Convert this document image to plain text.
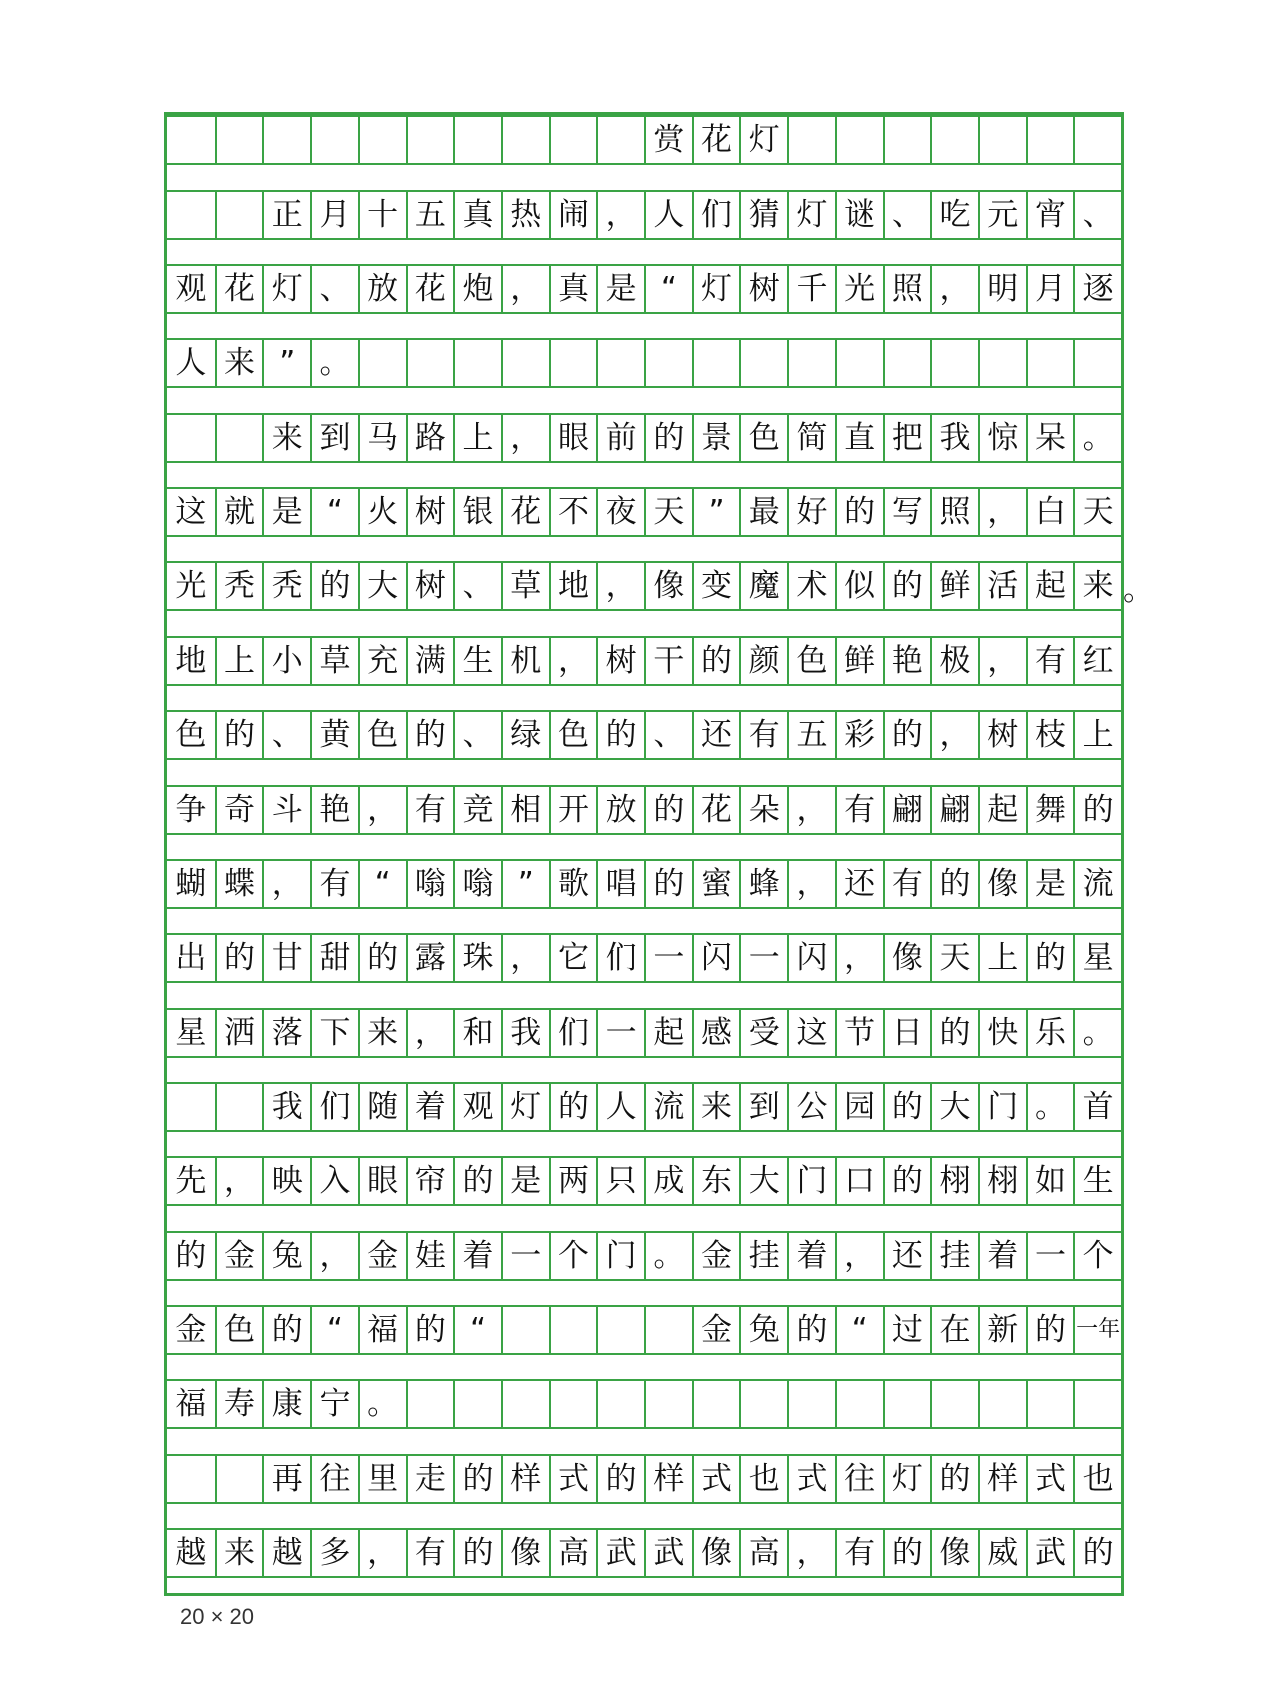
赏 花 灯
正 月 十 五 真 热 闹 ， 人 们 猜 灯 谜 、 吃 元 宵 、
观 花 灯 、 放 花 炮 ， 真 是 “ 灯 树 千 光 照 ， 明 月 逐
人 来 ” 。
来 到 马 路 上 ， 眼 前 的 景 色 简 直 把 我 惊 呆 。
这 就 是 “ 火 树 银 花 不 夜 天 ” 最 好 的 写 照 ， 白 天
光 秃 秃 的 大 树 、 草 地 ， 像 变 魔 术 似 的 鲜 活 起 来 。
地 上 小 草 充 满 生 机 ， 树 干 的 颜 色 鲜 艳 极 ， 有 红
色 的 、 黄 色 的 、 绿 色 的 、 还 有 五 彩 的 ， 树 枝 上
争 奇 斗 艳 ， 有 竞 相 开 放 的 花 朵 ， 有 翩 翩 起 舞 的
蝴 蝶 ， 有 “ 嗡 嗡 ” 歌 唱 的 蜜 蜂 ， 还 有 的 像 是 流
出 的 甘 甜 的 露 珠 ， 它 们 一 闪 一 闪 ， 像 天 上 的 星
星 洒 落 下 来 ， 和 我 们 一 起 感 受 这 节 日 的 快 乐 。
我 们 随 着 观 灯 的 人 流 来 到 公 园 的 大 门 。 首
先 ， 映 入 眼 帘 的 是 两 只 成 东 大 门 口 的 栩 栩 如 生
的 金 兔 ， 金 娃 着 一 个 门 。 金 挂 着 ， 还 挂 着 一 个
金 色 的 “ 福 的 “	金 兔 的 “ 过 在 新 的 一年
福 寿 康 宁 。
再 往 里 走 的 样 式 的 样 式 也 式 往 灯 的 样 式 也
越 来 越 多 ， 有 的 像 高 武 武 像 高 ， 有 的 像 威 武 的
20 × 20
